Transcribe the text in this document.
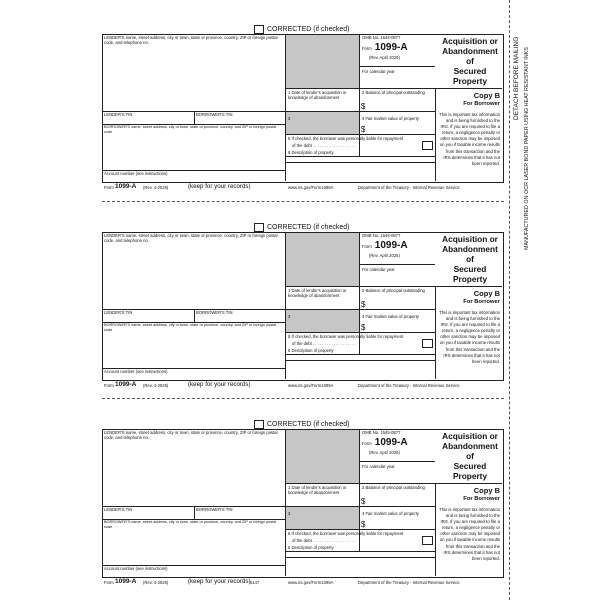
DETACH BEFORE MAILING MANUFACTURED ON OCR LASER BOND PAPER USING HEAT RESISTANT INKS
CORRECTED (if checked)
LENDER'S name, street address, city or town, state or province, country, ZIP or foreign postal code, and telephone no.
LENDER'S TIN	BORROWER'S TIN
BORROWER'S name, street address, city or town, state or province, country, and ZIP or foreign postal code
Account number (see instructions)
OMB No. 1545-0877
Form 1099-A
(Rev. April 2025)
For calendar year
Acquisition or
Abandonment of
Secured Property
1 Date of lender's acquisition or knowledge of abandonment
2 Balance of principal outstanding
$
3	4 Fair market value of property
$
5 If checked, the borrower was personally liable for repayment
of the debt . . . . . . . . . . . . . . . . . . .
6 Description of property
Copy B
For Borrower
This is important tax information and is being furnished to the IRS. If you are required to file a return, a negligence penalty or other sanction may be imposed on you if taxable income results from this transaction and the IRS determines that it has not been reported.
Form 1099-A (Rev. 4-2025)	(keep for your records)	www.irs.gov/Form1099A	Department of the Treasury - Internal Revenue Service
CORRECTED (if checked)
LENDER'S name, street address, city or town, state or province, country, ZIP or foreign postal code, and telephone no.
LENDER'S TIN	BORROWER'S TIN
BORROWER'S name, street address, city or town, state or province, country, and ZIP or foreign postal code
Account number (see instructions)
OMB No. 1545-0877
Form 1099-A
(Rev. April 2025)
For calendar year
Acquisition or
Abandonment of
Secured Property
1 Date of lender's acquisition or knowledge of abandonment
2 Balance of principal outstanding
$
3	4 Fair market value of property
$
5 If checked, the borrower was personally liable for repayment
of the debt . . . . . . . . . . . . . . . . . . .
6 Description of property
Copy B
For Borrower
This is important tax information and is being furnished to the IRS. If you are required to file a return, a negligence penalty or other sanction may be imposed on you if taxable income results from this transaction and the IRS determines that it has not been reported.
Form 1099-A (Rev. 4-2025)	(keep for your records)	www.irs.gov/Form1099A	Department of the Treasury - Internal Revenue Service
CORRECTED (if checked)
LENDER'S name, street address, city or town, state or province, country, ZIP or foreign postal code, and telephone no.
LENDER'S TIN	BORROWER'S TIN
BORROWER'S name, street address, city or town, state or province, country, and ZIP or foreign postal code
Account number (see instructions)
OMB No. 1545-0877
Form 1099-A
(Rev. April 2025)
For calendar year
Acquisition or
Abandonment of
Secured Property
1 Date of lender's acquisition or knowledge of abandonment
2 Balance of principal outstanding
$
3	4 Fair market value of property
$
5 If checked, the borrower was personally liable for repayment
of the debt . . . . . . . . . . . . . . . . . . .
6 Description of property
Copy B
For Borrower
This is important tax information and is being furnished to the IRS. If you are required to file a return, a negligence penalty or other sanction may be imposed on you if taxable income results from this transaction and the IRS determines that it has not been reported.
Form 1099-A (Rev. 4-2025)	(keep for your records) 5147	www.irs.gov/Form1099A	Department of the Treasury - Internal Revenue Service
